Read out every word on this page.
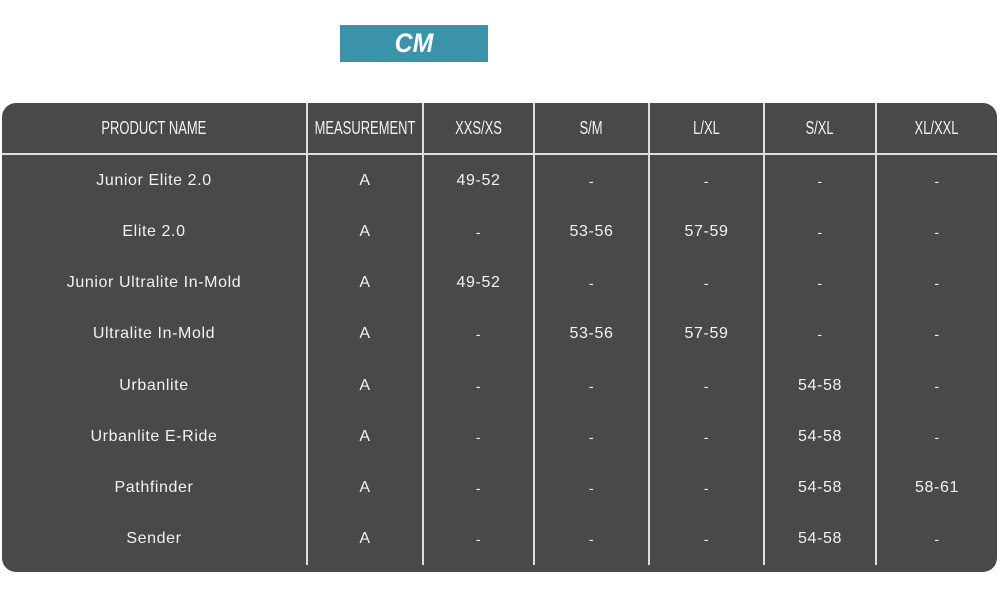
CM
PRODUCT NAME	MEASUREMENT XXS/XS	S/M	L/XL	S/XL	XL/XXL
Junior Elite 2.0	A	49-52	-	-	-	-
Elite 2.0	A	-	53-56	57-59	-	-
Junior Ultralite In-Mold	A	49-52	-	-	-	-
Ultralite In-Mold	A	-	53-56	57-59	-	-
Urbanlite	A	-	-	-	54-58	-
Urbanlite E-Ride	A	-	-	-	54-58	-
Pathfinder	A	-	-	-	54-58	58-61
Sender	A	-	-	-	54-58	-
